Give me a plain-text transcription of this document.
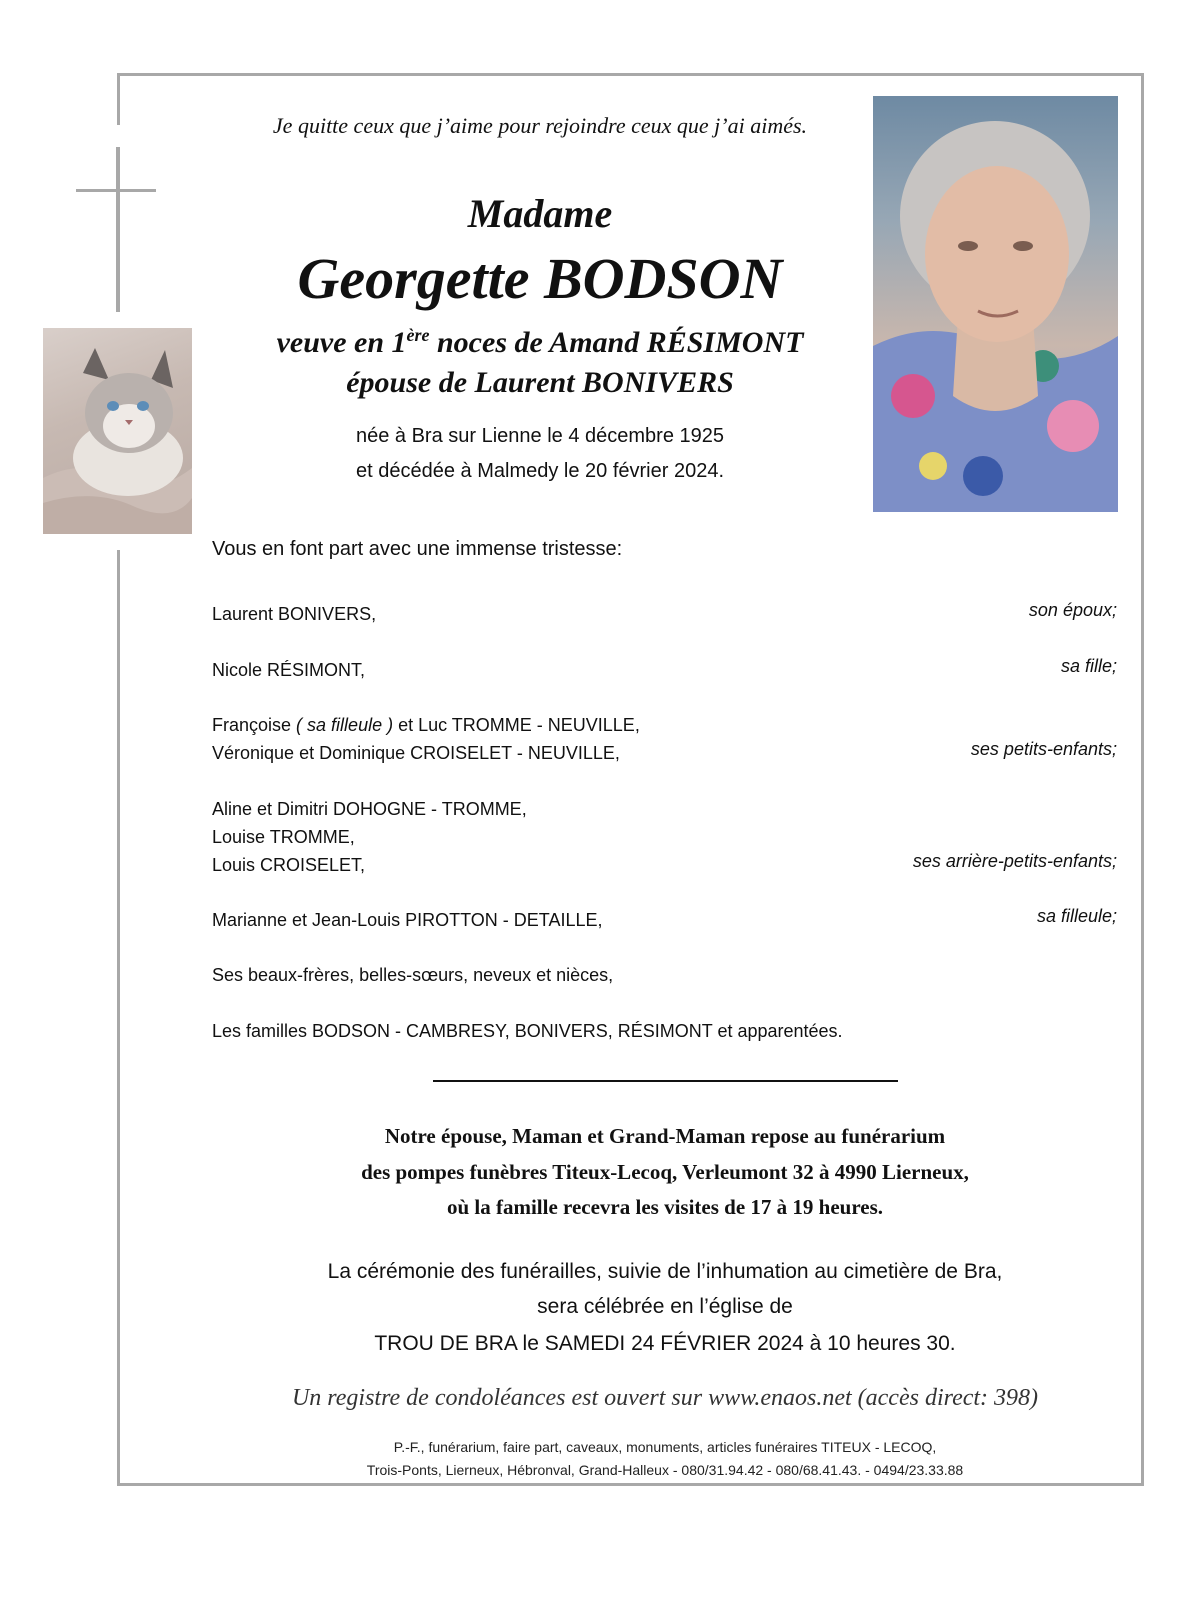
Je quitte ceux que j’aime pour rejoindre ceux que j’ai aimés.
Madame
Georgette BODSON
veuve en 1ère noces de Amand RÉSIMONT
épouse de Laurent BONIVERS
née à Bra sur Lienne le 4 décembre 1925
et décédée à Malmedy le 20 février 2024.
Vous en font part avec une immense tristesse:
Laurent BONIVERS,	son époux;
Nicole RÉSIMONT,	sa fille;
Françoise ( sa filleule ) et Luc TROMME - NEUVILLE,
Véronique et Dominique CROISELET - NEUVILLE,	ses petits-enfants;
Aline et Dimitri DOHOGNE - TROMME,
Louise TROMME,
Louis CROISELET,	ses arrière-petits-enfants;
Marianne et Jean-Louis PIROTTON - DETAILLE,	sa filleule;
Ses beaux-frères, belles-sœurs, neveux et nièces,
Les familles BODSON - CAMBRESY, BONIVERS, RÉSIMONT et apparentées.
Notre épouse, Maman et Grand-Maman repose au funérarium
des pompes funèbres Titeux-Lecoq, Verleumont 32 à 4990 Lierneux,
où la famille recevra les visites de 17 à 19 heures.
La cérémonie des funérailles, suivie de l’inhumation au cimetière de Bra,
sera célébrée en l’église de
TROU DE BRA le SAMEDI 24 FÉVRIER 2024 à 10 heures 30.
Un registre de condoléances est ouvert sur www.enaos.net (accès direct: 398)
P.-F., funérarium, faire part, caveaux, monuments, articles funéraires TITEUX - LECOQ,
Trois-Ponts, Lierneux, Hébronval, Grand-Halleux - 080/31.94.42 - 080/68.41.43. - 0494/23.33.88
